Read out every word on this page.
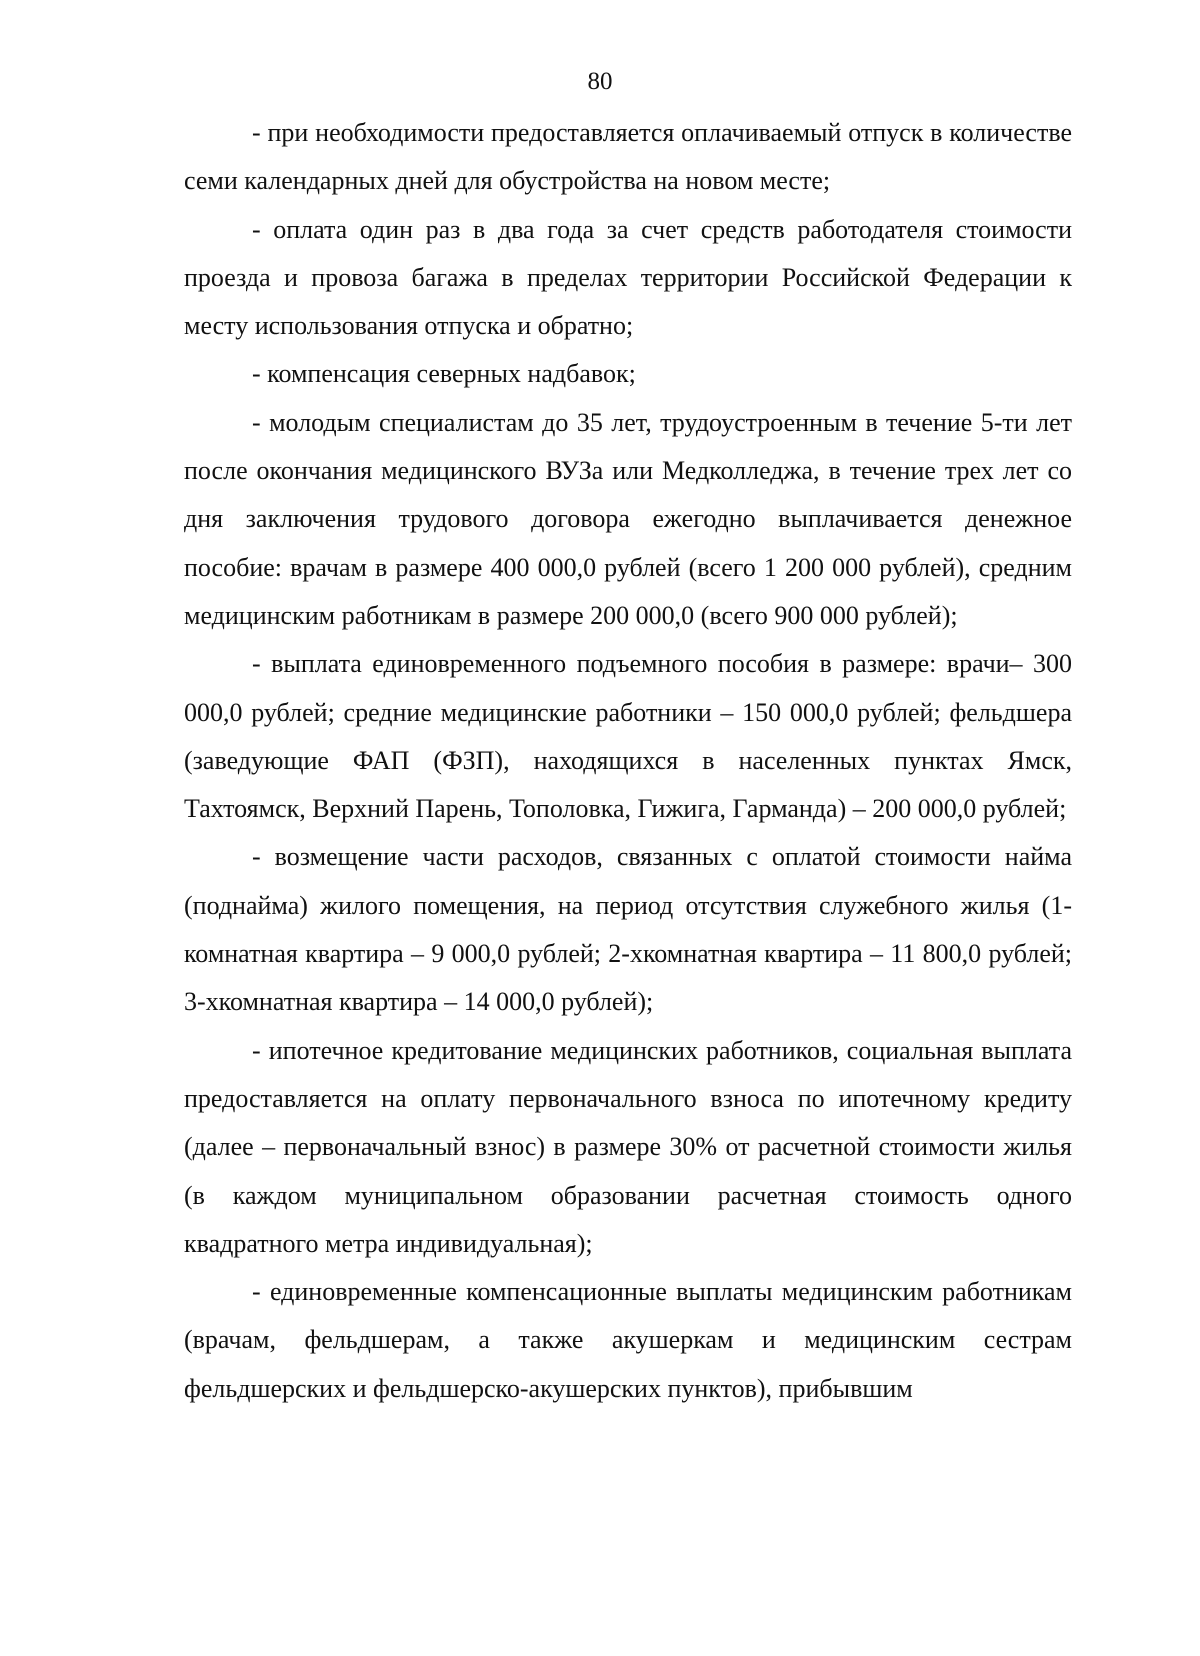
80

- при необходимости предоставляется оплачиваемый отпуск в количестве семи календарных дней для обустройства на новом месте;

- оплата один раз в два года за счет средств работодателя стоимости проезда и провоза багажа в пределах территории Российской Федерации к месту использования отпуска и обратно;

- компенсация северных надбавок;

- молодым специалистам до 35 лет, трудоустроенным в течение 5-ти лет после окончания медицинского ВУЗа или Медколледжа, в течение трех лет со дня заключения трудового договора ежегодно выплачивается денежное пособие: врачам в размере 400 000,0 рублей (всего 1 200 000 рублей), средним медицинским работникам в размере 200 000,0 (всего 900 000 рублей);

- выплата единовременного подъемного пособия в размере: врачи– 300 000,0 рублей; средние медицинские работники – 150 000,0 рублей; фельдшера (заведующие ФАП (ФЗП), находящихся в населенных пунктах Ямск, Тахтоямск, Верхний Парень, Тополовка, Гижига, Гарманда) – 200 000,0 рублей;

- возмещение части расходов, связанных с оплатой стоимости найма (поднайма) жилого помещения, на период отсутствия служебного жилья (1-комнатная квартира – 9 000,0 рублей; 2-хкомнатная квартира – 11 800,0 рублей; 3-хкомнатная квартира – 14 000,0 рублей);

- ипотечное кредитование медицинских работников, социальная выплата предоставляется на оплату первоначального взноса по ипотечному кредиту (далее – первоначальный взнос) в размере 30% от расчетной стоимости жилья (в каждом муниципальном образовании расчетная стоимость одного квадратного метра индивидуальная);

- единовременные компенсационные выплаты медицинским работникам (врачам, фельдшерам, а также акушеркам и медицинским сестрам фельдшерских и фельдшерско-акушерских пунктов), прибывшим
